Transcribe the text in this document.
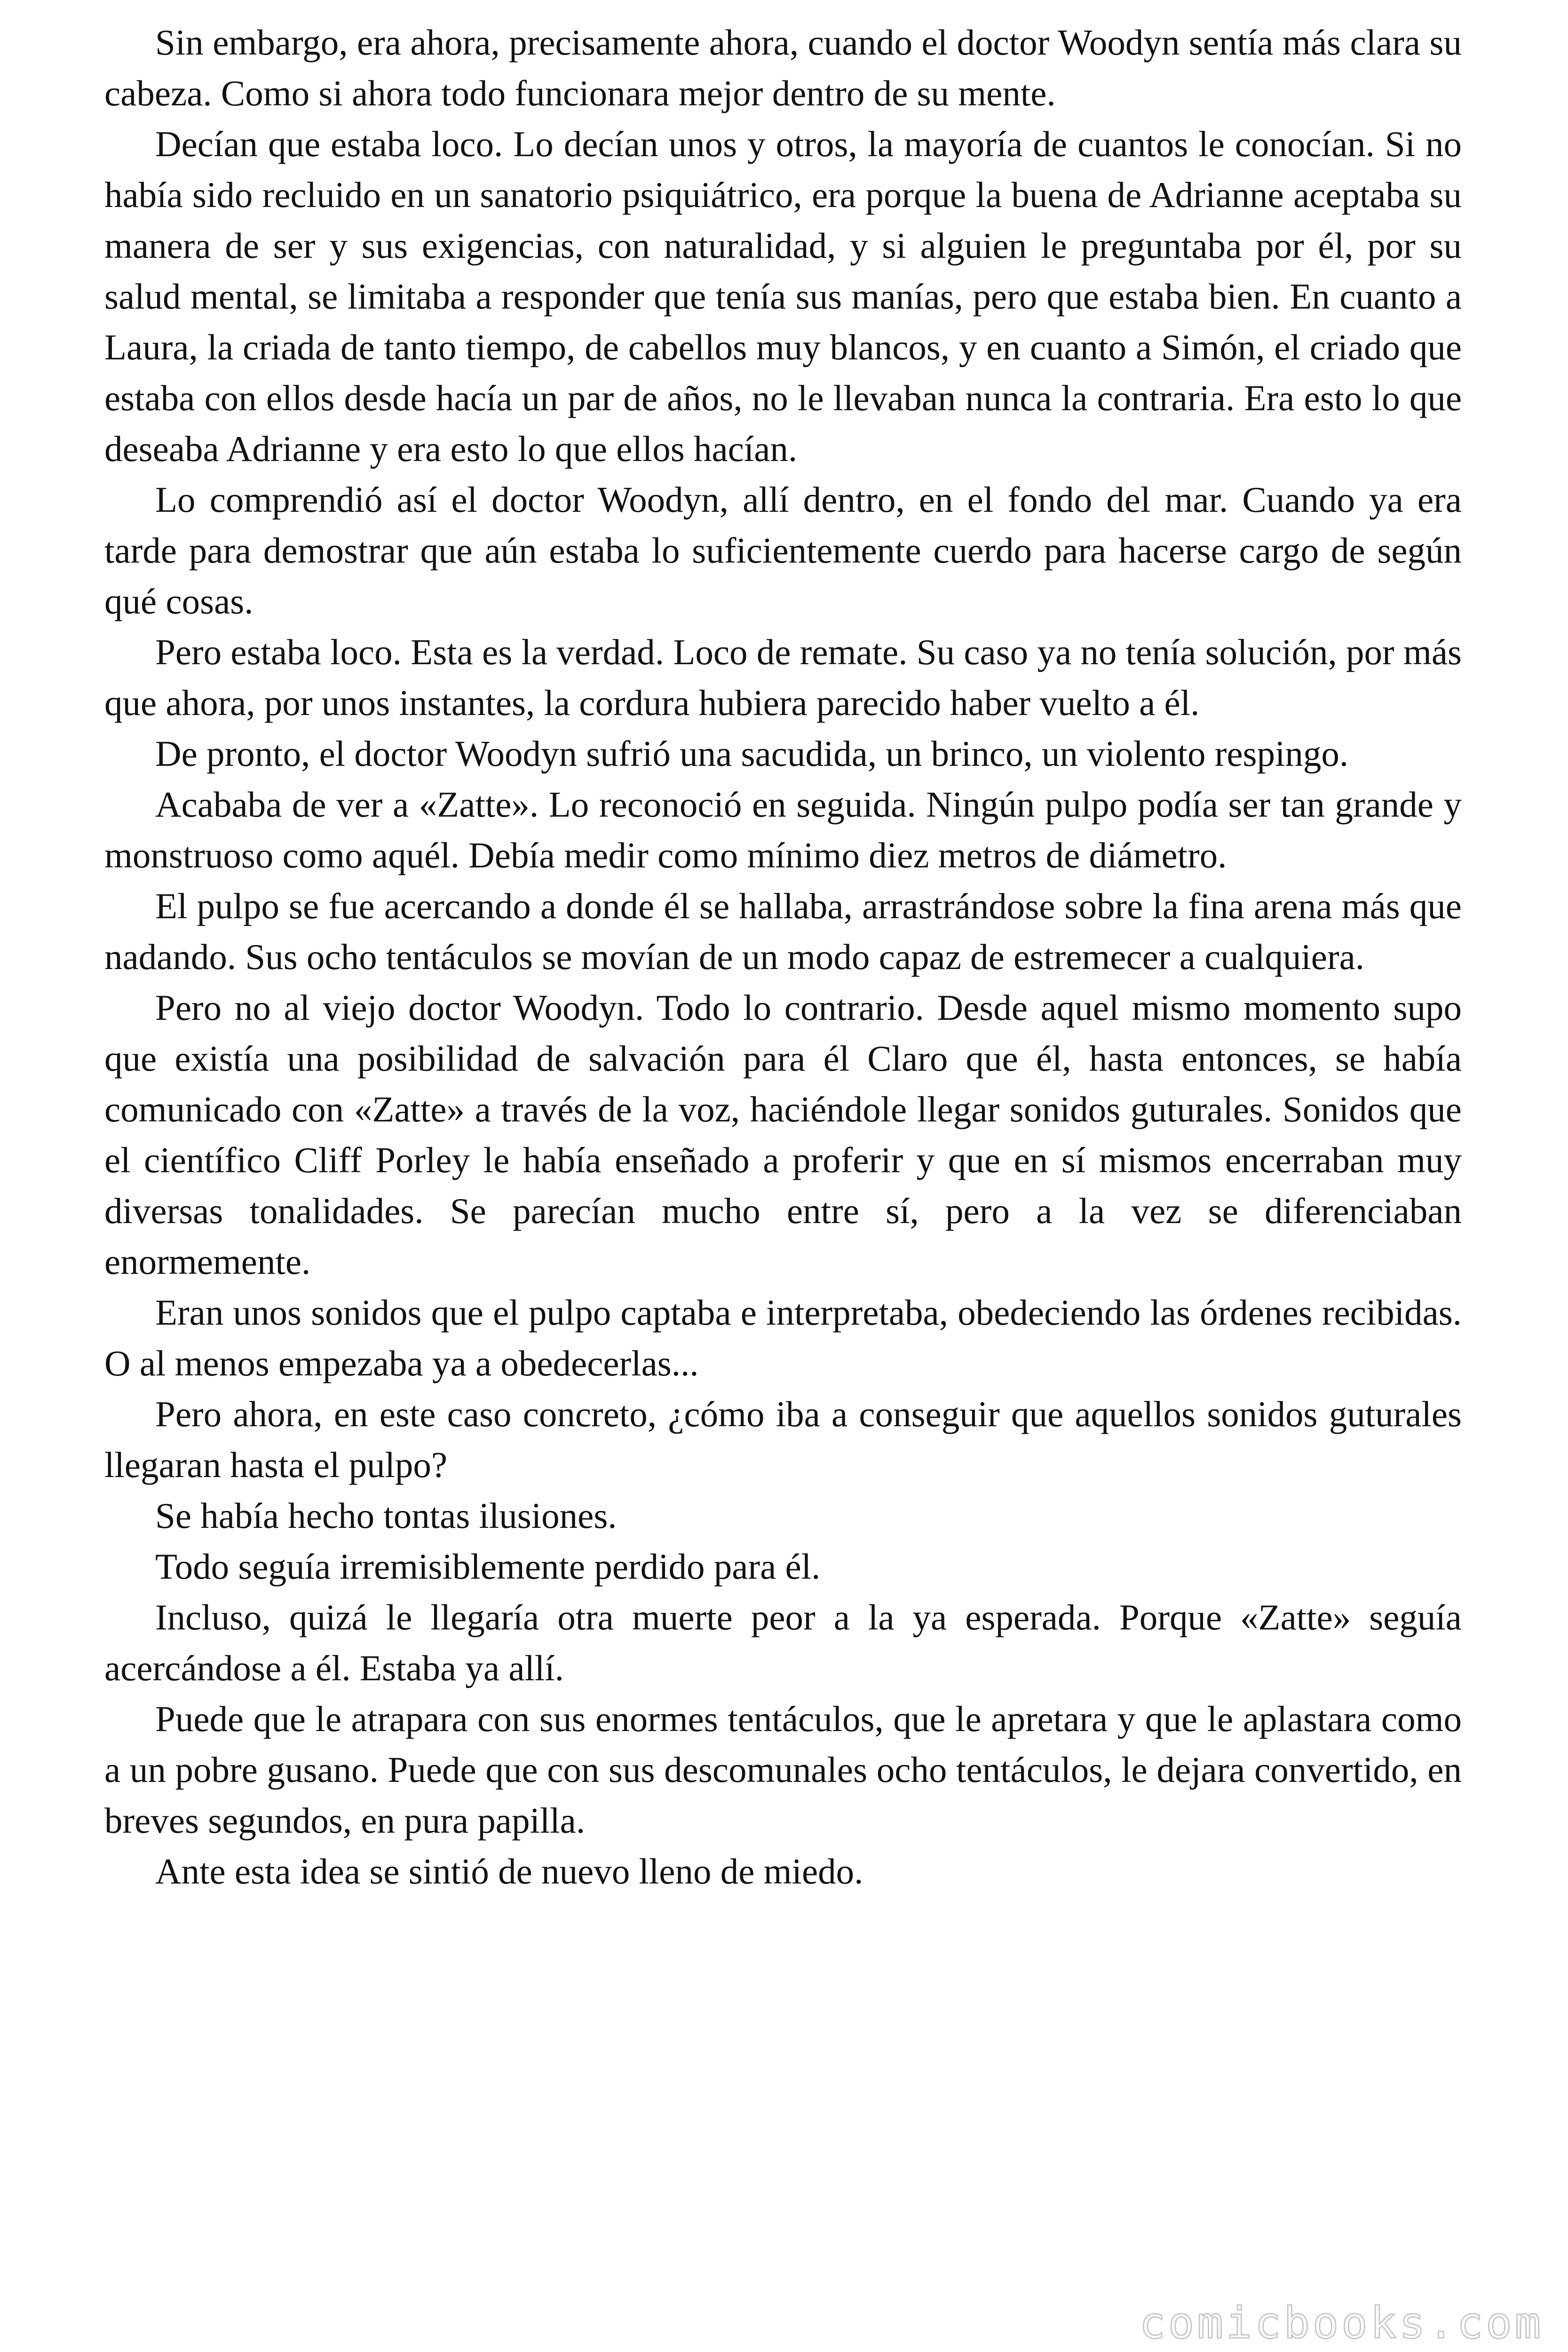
Sin embargo, era ahora, precisamente ahora, cuando el doctor Woodyn sentía más clara su cabeza. Como si ahora todo funcionara mejor dentro de su mente.

Decían que estaba loco. Lo decían unos y otros, la mayoría de cuantos le conocían. Si no había sido recluido en un sanatorio psiquiátrico, era porque la buena de Adrianne aceptaba su manera de ser y sus exigencias, con naturalidad, y si alguien le preguntaba por él, por su salud mental, se limitaba a responder que tenía sus manías, pero que estaba bien. En cuanto a Laura, la criada de tanto tiempo, de cabellos muy blancos, y en cuanto a Simón, el criado que estaba con ellos desde hacía un par de años, no le llevaban nunca la contraria. Era esto lo que deseaba Adrianne y era esto lo que ellos hacían.

Lo comprendió así el doctor Woodyn, allí dentro, en el fondo del mar. Cuando ya era tarde para demostrar que aún estaba lo suficientemente cuerdo para hacerse cargo de según qué cosas.

Pero estaba loco. Esta es la verdad. Loco de remate. Su caso ya no tenía solución, por más que ahora, por unos instantes, la cordura hubiera parecido haber vuelto a él.

De pronto, el doctor Woodyn sufrió una sacudida, un brinco, un violento respingo.

Acababa de ver a «Zatte». Lo reconoció en seguida. Ningún pulpo podía ser tan grande y monstruoso como aquél. Debía medir como mínimo diez metros de diámetro.

El pulpo se fue acercando a donde él se hallaba, arrastrándose sobre la fina arena más que nadando. Sus ocho tentáculos se movían de un modo capaz de estremecer a cualquiera.

Pero no al viejo doctor Woodyn. Todo lo contrario. Desde aquel mismo momento supo que existía una posibilidad de salvación para él Claro que él, hasta entonces, se había comunicado con «Zatte» a través de la voz, haciéndole llegar sonidos guturales. Sonidos que el científico Cliff Porley le había enseñado a proferir y que en sí mismos encerraban muy diversas tonalidades. Se parecían mucho entre sí, pero a la vez se diferenciaban enormemente.

Eran unos sonidos que el pulpo captaba e interpretaba, obedeciendo las órdenes recibidas. O al menos empezaba ya a obedecerlas...

Pero ahora, en este caso concreto, ¿cómo iba a conseguir que aquellos sonidos guturales llegaran hasta el pulpo?

Se había hecho tontas ilusiones.

Todo seguía irremisiblemente perdido para él.

Incluso, quizá le llegaría otra muerte peor a la ya esperada. Porque «Zatte» seguía acercándose a él. Estaba ya allí.

Puede que le atrapara con sus enormes tentáculos, que le apretara y que le aplastara como a un pobre gusano. Puede que con sus descomunales ocho tentáculos, le dejara convertido, en breves segundos, en pura papilla.

Ante esta idea se sintió de nuevo lleno de miedo.

comicbooks.com
